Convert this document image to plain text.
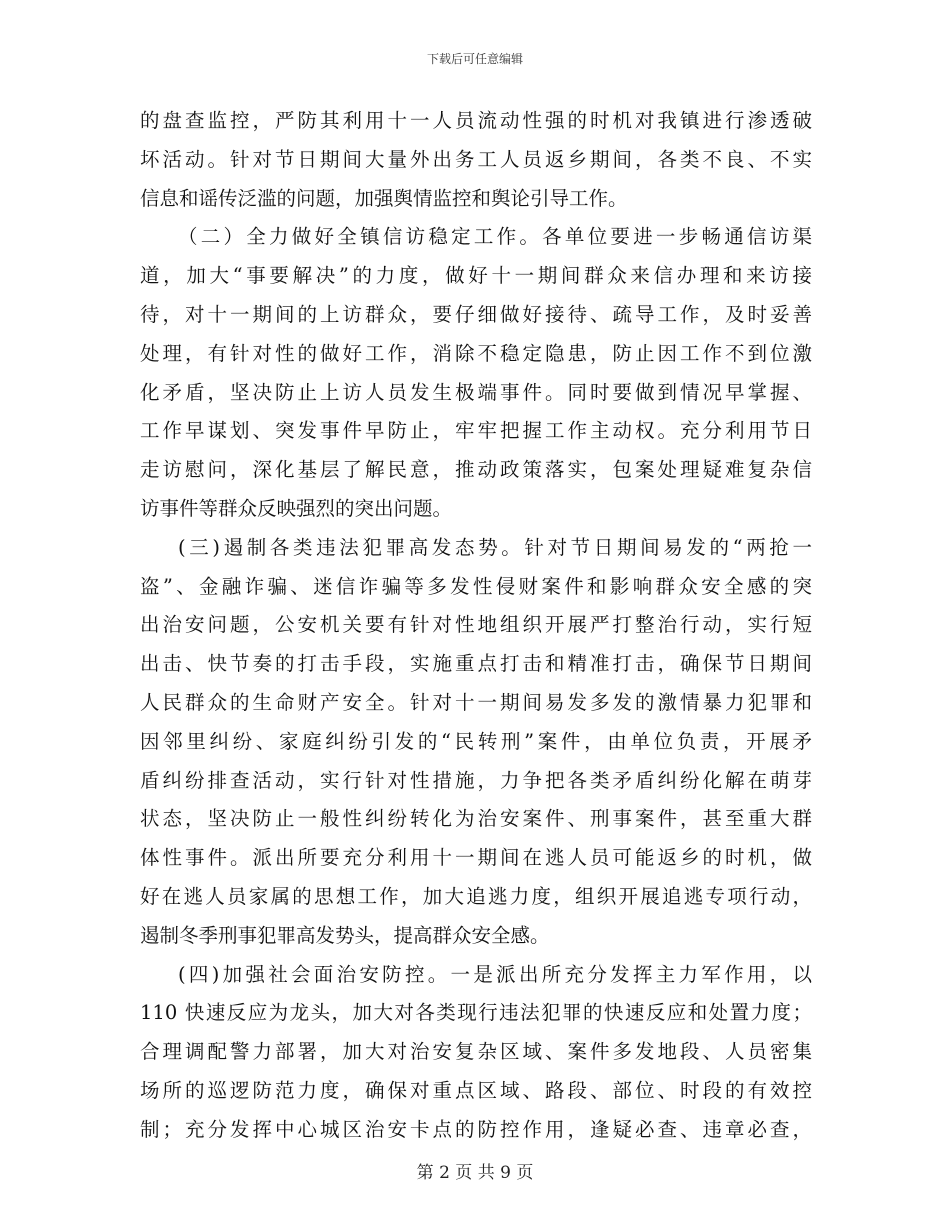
下载后可任意编辑
的盘查监控，严防其利用十一人员流动性强的时机对我镇进行渗透破
坏活动。针对节日期间大量外出务工人员返乡期间，各类不良、不实
信息和谣传泛滥的问题，加强舆情监控和舆论引导工作。
（二）全力做好全镇信访稳定工作。各单位要进一步畅通信访渠
道，加大“事要解决”的力度，做好十一期间群众来信办理和来访接
待，对十一期间的上访群众，要仔细做好接待、疏导工作，及时妥善
处理，有针对性的做好工作，消除不稳定隐患，防止因工作不到位激
化矛盾，坚决防止上访人员发生极端事件。同时要做到情况早掌握、
工作早谋划、突发事件早防止，牢牢把握工作主动权。充分利用节日
走访慰问，深化基层了解民意，推动政策落实，包案处理疑难复杂信
访事件等群众反映强烈的突出问题。
(三)遏制各类违法犯罪高发态势。针对节日期间易发的“两抢一
盗”、金融诈骗、迷信诈骗等多发性侵财案件和影响群众安全感的突
出治安问题，公安机关要有针对性地组织开展严打整治行动，实行短
出击、快节奏的打击手段，实施重点打击和精准打击，确保节日期间
人民群众的生命财产安全。针对十一期间易发多发的激情暴力犯罪和
因邻里纠纷、家庭纠纷引发的“民转刑”案件，由单位负责，开展矛
盾纠纷排查活动，实行针对性措施，力争把各类矛盾纠纷化解在萌芽
状态，坚决防止一般性纠纷转化为治安案件、刑事案件，甚至重大群
体性事件。派出所要充分利用十一期间在逃人员可能返乡的时机，做
好在逃人员家属的思想工作，加大追逃力度，组织开展追逃专项行动，
遏制冬季刑事犯罪高发势头，提高群众安全感。
(四)加强社会面治安防控。一是派出所充分发挥主力军作用，以
110 快速反应为龙头，加大对各类现行违法犯罪的快速反应和处置力度；
合理调配警力部署，加大对治安复杂区域、案件多发地段、人员密集
场所的巡逻防范力度，确保对重点区域、路段、部位、时段的有效控
制；充分发挥中心城区治安卡点的防控作用，逢疑必查、违章必查，
第 2 页 共 9 页
